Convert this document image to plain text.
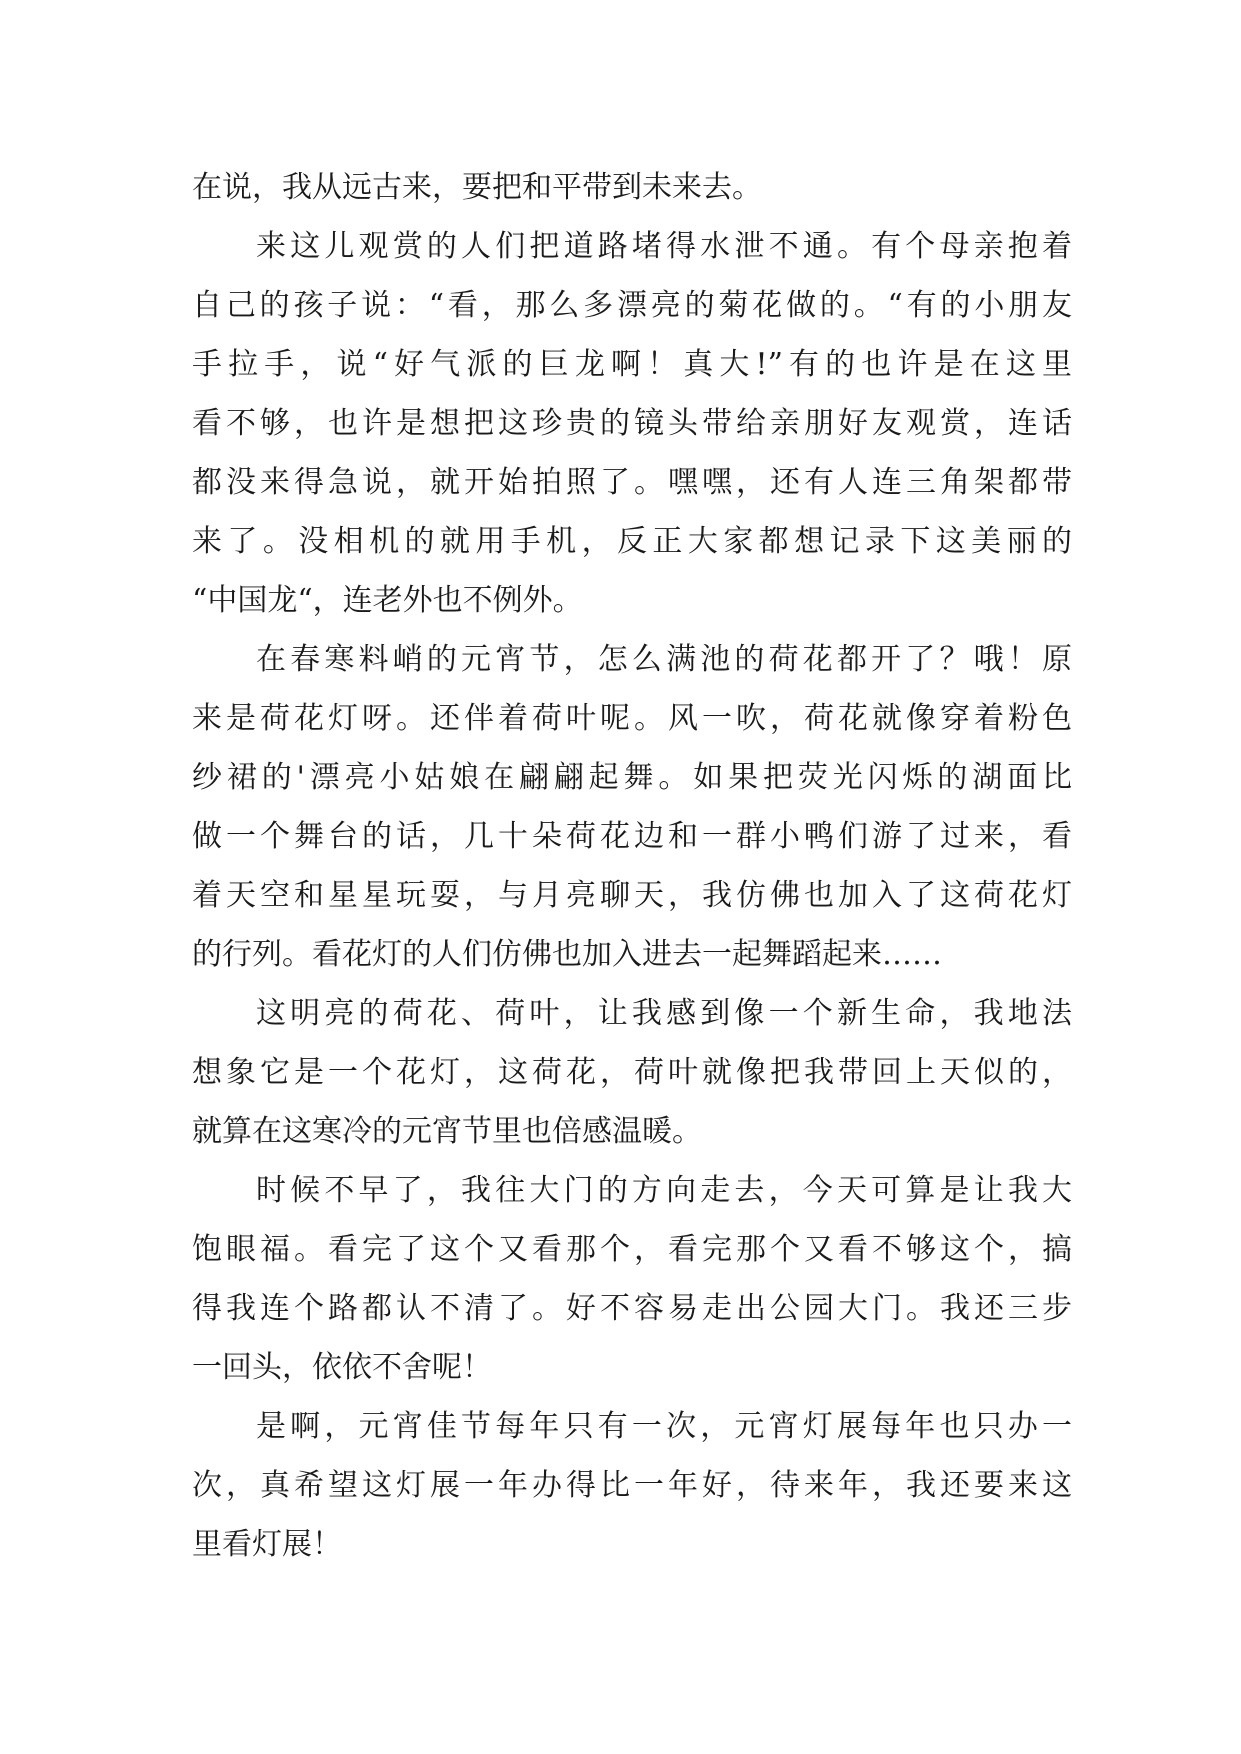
在说，我从远古来，要把和平带到未来去。
来这儿观赏的人们把道路堵得水泄不通。有个母亲抱着
自己的孩子说：“看，那么多漂亮的菊花做的。“有的小朋友
手拉手，说“好气派的巨龙啊！真大!”有的也许是在这里
看不够，也许是想把这珍贵的镜头带给亲朋好友观赏，连话
都没来得急说，就开始拍照了。嘿嘿，还有人连三角架都带
来了。没相机的就用手机，反正大家都想记录下这美丽的
“中国龙“，连老外也不例外。
在春寒料峭的元宵节，怎么满池的荷花都开了？哦！原
来是荷花灯呀。还伴着荷叶呢。风一吹，荷花就像穿着粉色
纱裙的'漂亮小姑娘在翩翩起舞。如果把荧光闪烁的湖面比
做一个舞台的话，几十朵荷花边和一群小鸭们游了过来，看
着天空和星星玩耍，与月亮聊天，我仿佛也加入了这荷花灯
的行列。看花灯的人们仿佛也加入进去一起舞蹈起来……
这明亮的荷花、荷叶，让我感到像一个新生命，我地法
想象它是一个花灯，这荷花，荷叶就像把我带回上天似的，
就算在这寒冷的元宵节里也倍感温暖。
时候不早了，我往大门的方向走去，今天可算是让我大
饱眼福。看完了这个又看那个，看完那个又看不够这个，搞
得我连个路都认不清了。好不容易走出公园大门。我还三步
一回头，依依不舍呢！
是啊，元宵佳节每年只有一次，元宵灯展每年也只办一
次，真希望这灯展一年办得比一年好，待来年，我还要来这
里看灯展！
